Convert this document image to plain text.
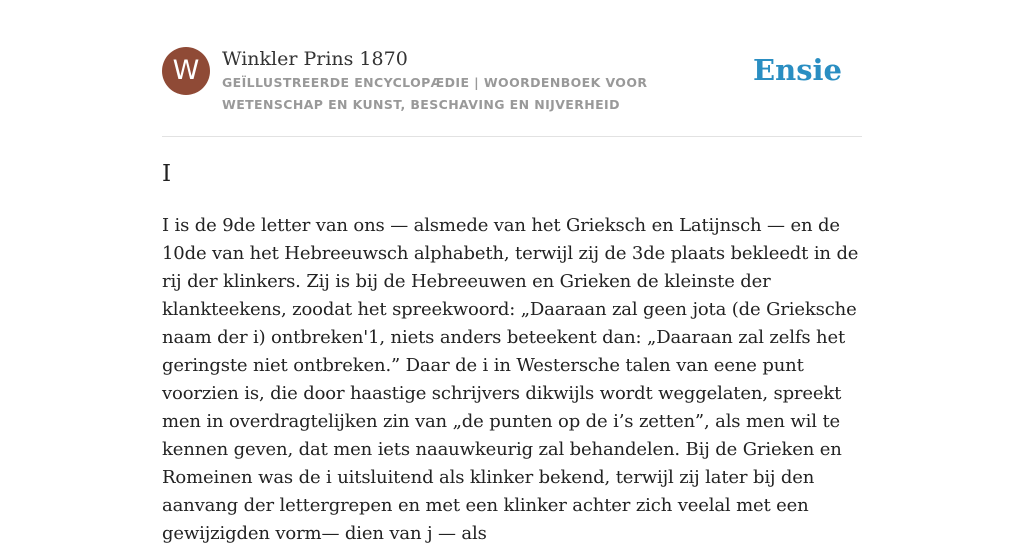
W	Winkler Prins 1870
GEÏLLUSTREERDE ENCYCLOPÆDIE | WOORDENBOEK VOOR WETENSCHAP EN KUNST, BESCHAVING EN NIJVERHEID
Ensie
I

I is de 9de letter van ons — alsmede van het Grieksch en Latijnsch — en de 10de van het Hebreeuwsch alphabeth, terwijl zij de 3de plaats bekleedt in de rij der klinkers. Zij is bij de Hebreeuwen en Grieken de kleinste der klankteekens, zoodat het spreekwoord: „Daaraan zal geen jota (de Grieksche naam der i) ontbreken'1, niets anders beteekent dan: „Daaraan zal zelfs het geringste niet ontbreken.” Daar de i in Westersche talen van eene punt voorzien is, die door haastige schrijvers dikwijls wordt weggelaten, spreekt men in overdragtelijken zin van „de punten op de i’s zetten”, als men wil te kennen geven, dat men iets naauwkeurig zal behandelen. Bij de Grieken en Romeinen was de i uitsluitend als klinker bekend, terwijl zij later bij den aanvang der lettergrepen en met een klinker achter zich veelal met een gewijzigden vorm— dien van j — als
